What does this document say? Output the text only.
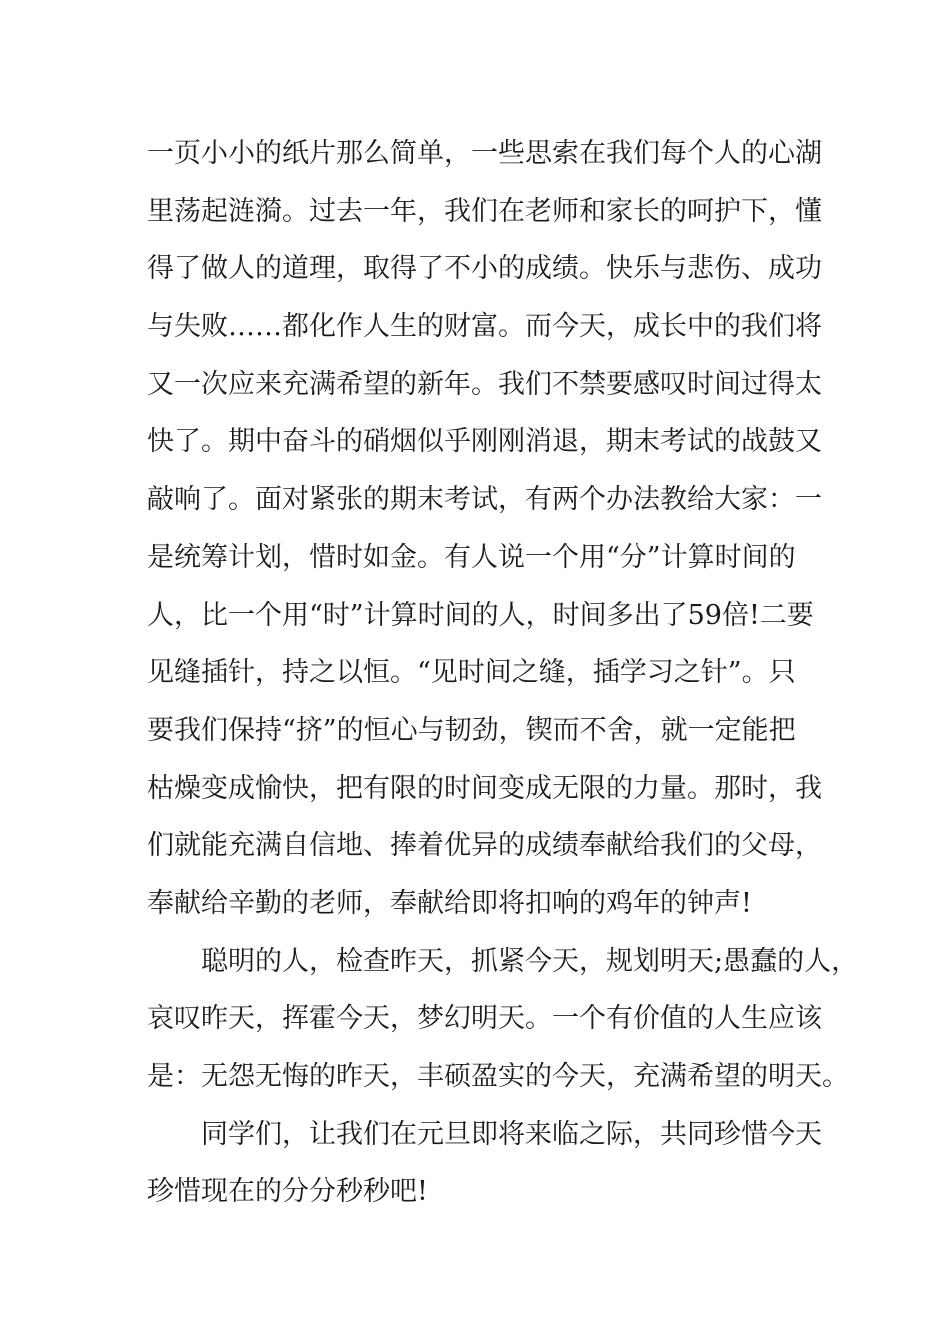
一页小小的纸片那么简单，一些思索在我们每个人的心湖
里荡起涟漪。过去一年，我们在老师和家长的呵护下，懂
得了做人的道理，取得了不小的成绩。快乐与悲伤、成功
与失败……都化作人生的财富。而今天，成长中的我们将
又一次应来充满希望的新年。我们不禁要感叹时间过得太
快了。期中奋斗的硝烟似乎刚刚消退，期末考试的战鼓又
敲响了。面对紧张的期末考试，有两个办法教给大家：一
是统筹计划，惜时如金。有人说一个用“分”计算时间的
人，比一个用“时”计算时间的人，时间多出了59倍!二要
见缝插针，持之以恒。“见时间之缝，插学习之针”。只
要我们保持“挤”的恒心与韧劲，锲而不舍，就一定能把
枯燥变成愉快，把有限的时间变成无限的力量。那时，我
们就能充满自信地、捧着优异的成绩奉献给我们的父母，
奉献给辛勤的老师，奉献给即将扣响的鸡年的钟声!
聪明的人，检查昨天，抓紧今天，规划明天;愚蠢的人，
哀叹昨天，挥霍今天，梦幻明天。一个有价值的人生应该
是：无怨无悔的昨天，丰硕盈实的今天，充满希望的明天。
同学们，让我们在元旦即将来临之际，共同珍惜今天
珍惜现在的分分秒秒吧!
